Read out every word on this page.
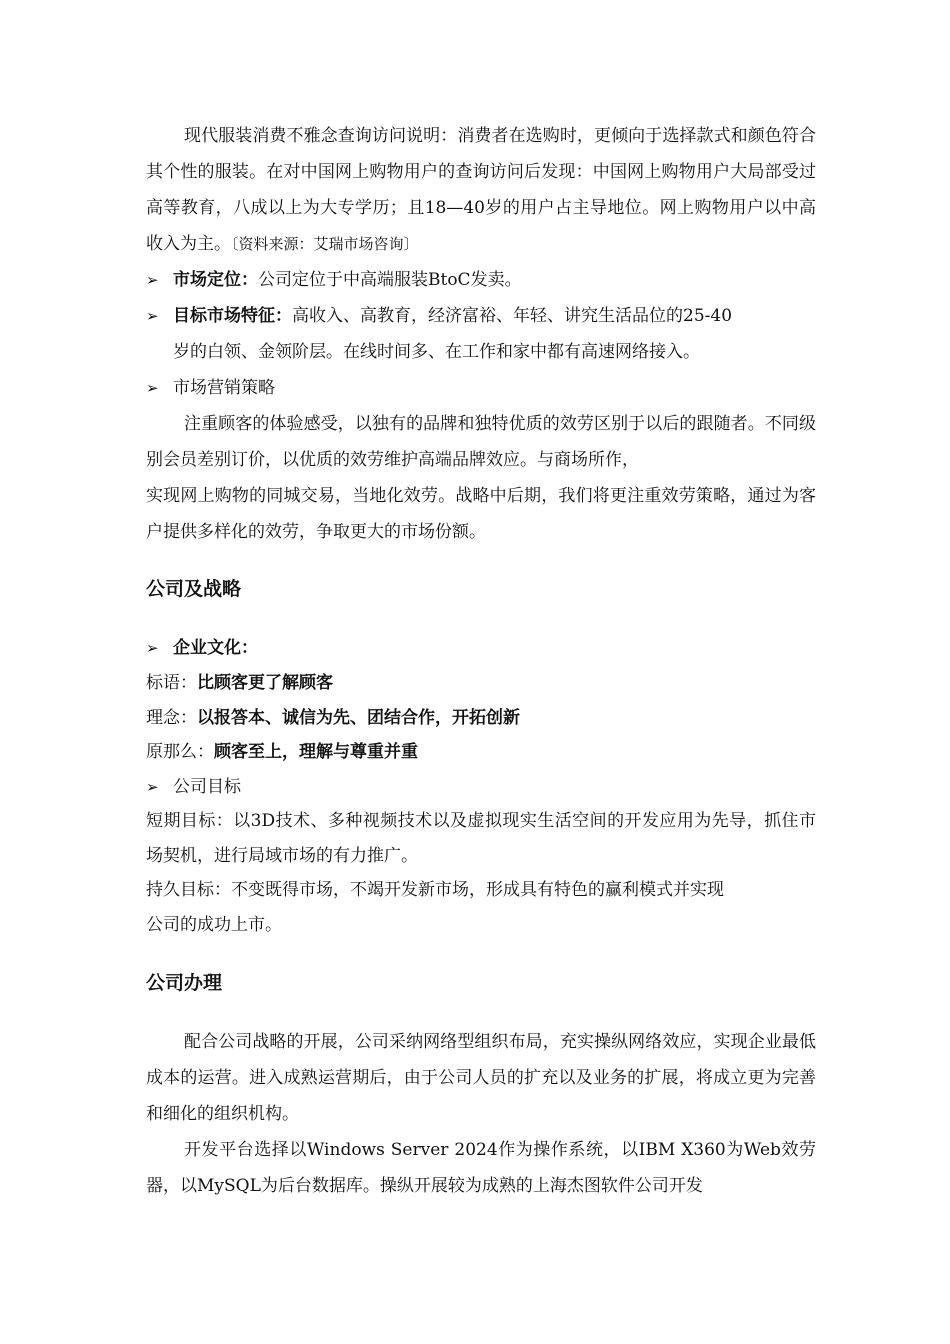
现代服装消费不雅念查询访问说明：消费者在选购时，更倾向于选择款式和颜色符合其个性的服装。在对中国网上购物用户的查询访问后发现：中国网上购物用户大局部受过高等教育，八成以上为大专学历；且18—40岁的用户占主导地位。网上购物用户以中高收入为主。〔资料来源：艾瑞市场咨询〕

➢ 市场定位：公司定位于中高端服装BtoC发卖。
➢ 目标市场特征：高收入、高教育，经济富裕、年轻、讲究生活品位的25-40

岁的白领、金领阶层。在线时间多、在工作和家中都有高速网络接入。

➢ 市场营销策略

注重顾客的体验感受，以独有的品牌和独特优质的效劳区别于以后的跟随者。不同级别会员差别订价，以优质的效劳维护高端品牌效应。与商场所作，

实现网上购物的同城交易，当地化效劳。战略中后期，我们将更注重效劳策略，通过为客户提供多样化的效劳，争取更大的市场份额。

公司及战略
➢ 企业文化：

标语：比顾客更了解顾客

理念：以报答本、诚信为先、团结合作，开拓创新

原那么：顾客至上，理解与尊重并重

➢ 公司目标

短期目标：以3D技术、多种视频技术以及虚拟现实生活空间的开发应用为先导，抓住市场契机，进行局域市场的有力推广。

持久目标：不变既得市场，不竭开发新市场，形成具有特色的赢利模式并实现

公司的成功上市。

公司办理

配合公司战略的开展，公司采纳网络型组织布局，充实操纵网络效应，实现企业最低成本的运营。进入成熟运营期后，由于公司人员的扩充以及业务的扩展，将成立更为完善和细化的组织机构。

开发平台选择以Windows Server 2024作为操作系统，以IBM X360为Web效劳器，以MySQL为后台数据库。操纵开展较为成熟的上海杰图软件公司开发
